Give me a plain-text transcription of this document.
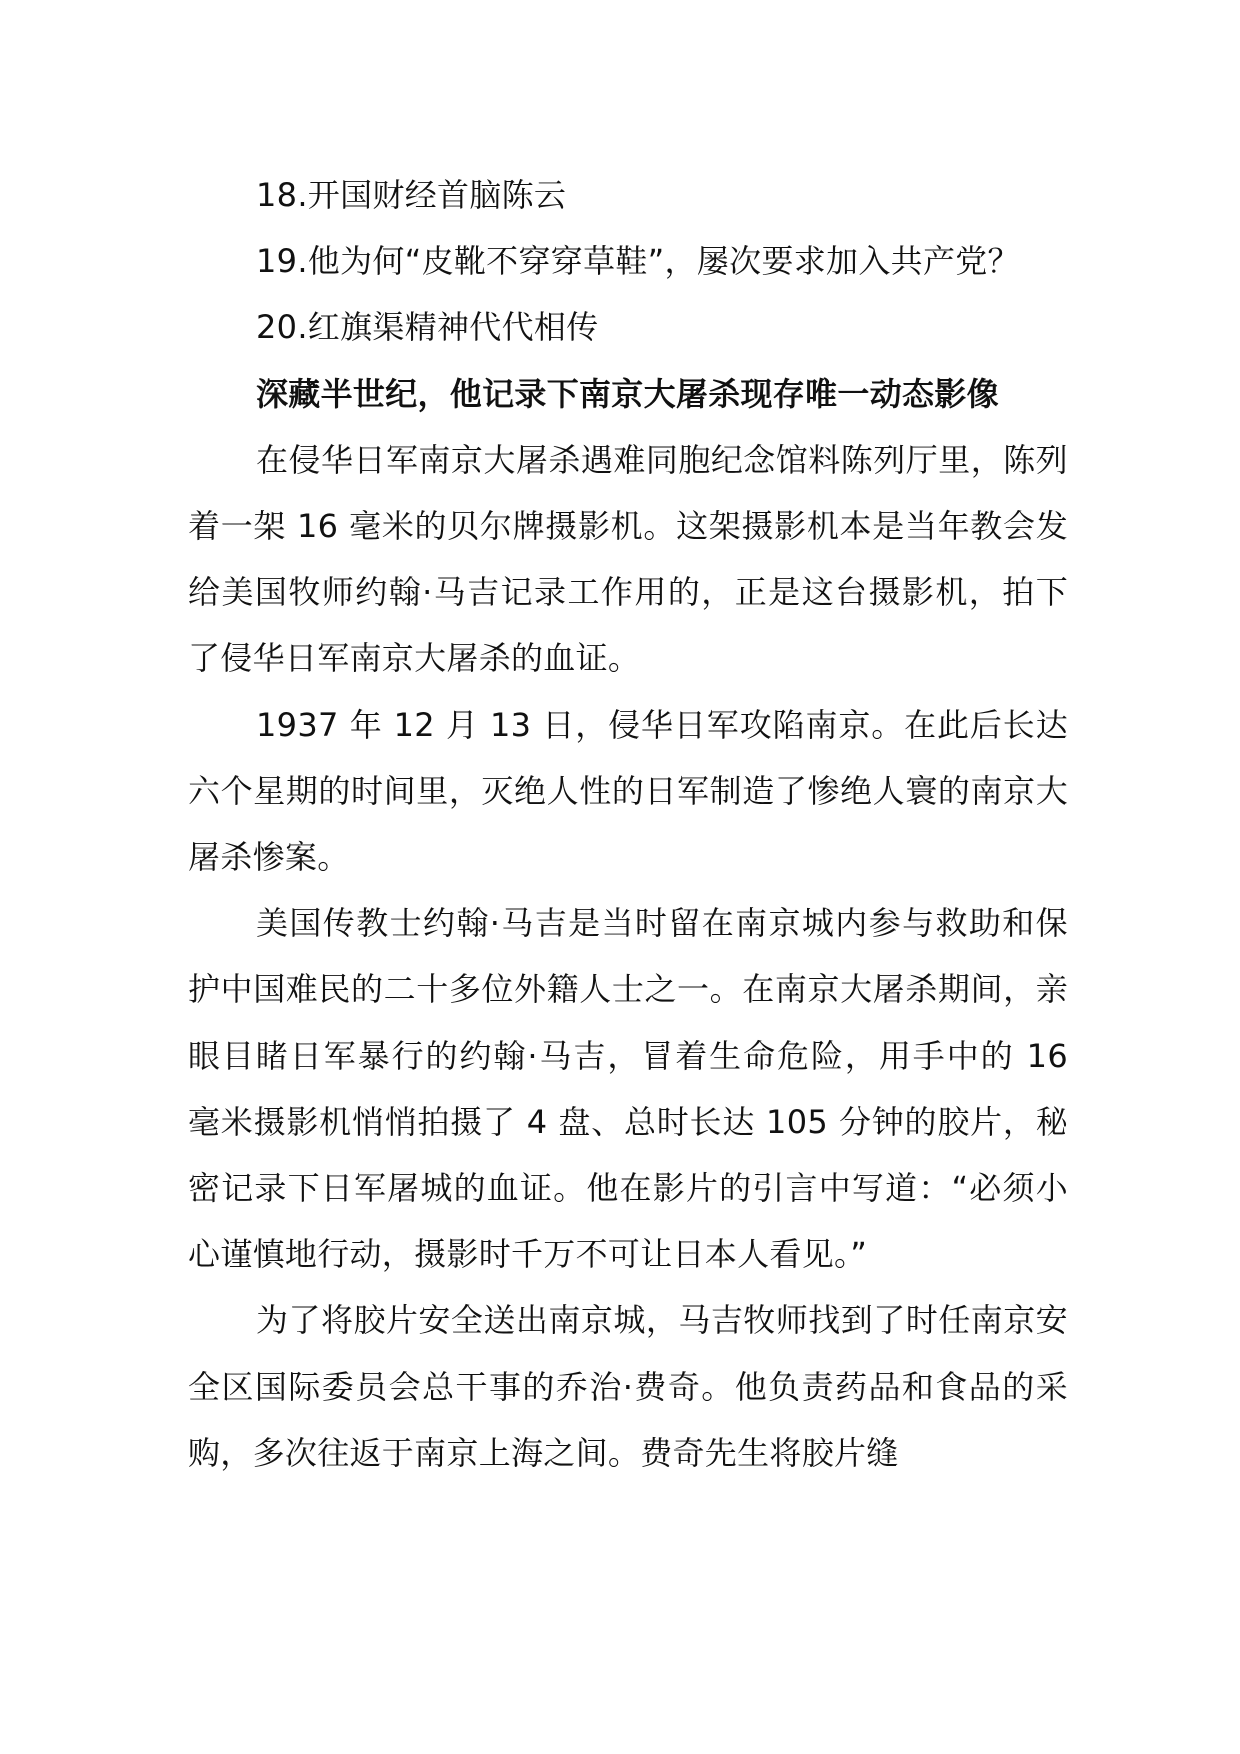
18.开国财经首脑陈云
19.他为何“皮靴不穿穿草鞋”，屡次要求加入共产党？
20.红旗渠精神代代相传
深藏半世纪，他记录下南京大屠杀现存唯一动态影像

在侵华日军南京大屠杀遇难同胞纪念馆料陈列厅里，陈列着一架 16 毫米的贝尔牌摄影机。这架摄影机本是当年教会发给美国牧师约翰·马吉记录工作用的，正是这台摄影机，拍下了侵华日军南京大屠杀的血证。

1937 年 12 月 13 日，侵华日军攻陷南京。在此后长达六个星期的时间里，灭绝人性的日军制造了惨绝人寰的南京大屠杀惨案。

美国传教士约翰·马吉是当时留在南京城内参与救助和保护中国难民的二十多位外籍人士之一。在南京大屠杀期间，亲眼目睹日军暴行的约翰·马吉，冒着生命危险，用手中的 16 毫米摄影机悄悄拍摄了 4 盘、总时长达 105 分钟的胶片，秘密记录下日军屠城的血证。他在影片的引言中写道：“必须小心谨慎地行动，摄影时千万不可让日本人看见。”

为了将胶片安全送出南京城，马吉牧师找到了时任南京安全区国际委员会总干事的乔治·费奇。他负责药品和食品的采购，多次往返于南京上海之间。费奇先生将胶片缝
